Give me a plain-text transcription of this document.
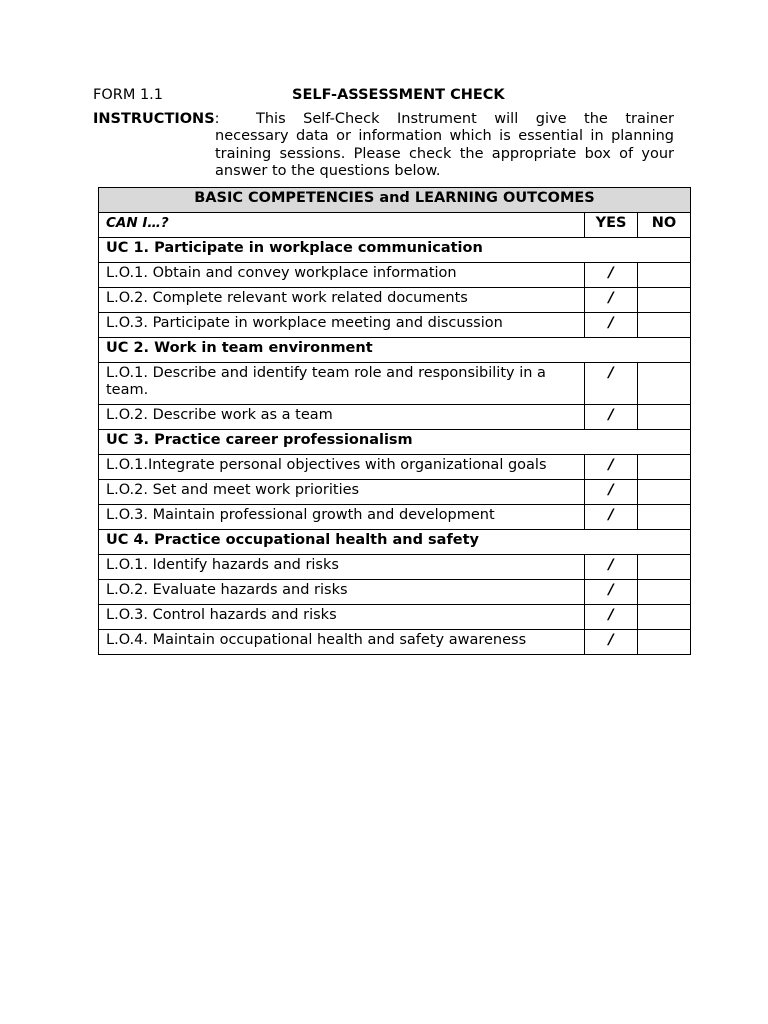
FORM 1.1	SELF-ASSESSMENT CHECK
INSTRUCTIONS:	This Self-Check Instrument will give the trainer necessary data or information which is essential in planning training sessions. Please check the appropriate box of your answer to the questions below.
BASIC COMPETENCIES and LEARNING OUTCOMES		
CAN I…?	YES	NO
UC 1. Participate in workplace communication		
L.O.1. Obtain and convey workplace information	/	
L.O.2. Complete relevant work related documents	/	
L.O.3. Participate in workplace meeting and discussion	/	
UC 2. Work in team environment		
L.O.1. Describe and identify team role and responsibility in a team.	/	
L.O.2. Describe work as a team	/	
UC 3. Practice career professionalism		
L.O.1.Integrate personal objectives with organizational goals	/	
L.O.2. Set and meet work priorities	/	
L.O.3. Maintain professional growth and development	/	
UC 4. Practice occupational health and safety		
L.O.1. Identify hazards and risks	/	
L.O.2. Evaluate hazards and risks	/	
L.O.3. Control hazards and risks	/	
L.O.4. Maintain occupational health and safety awareness	/	
